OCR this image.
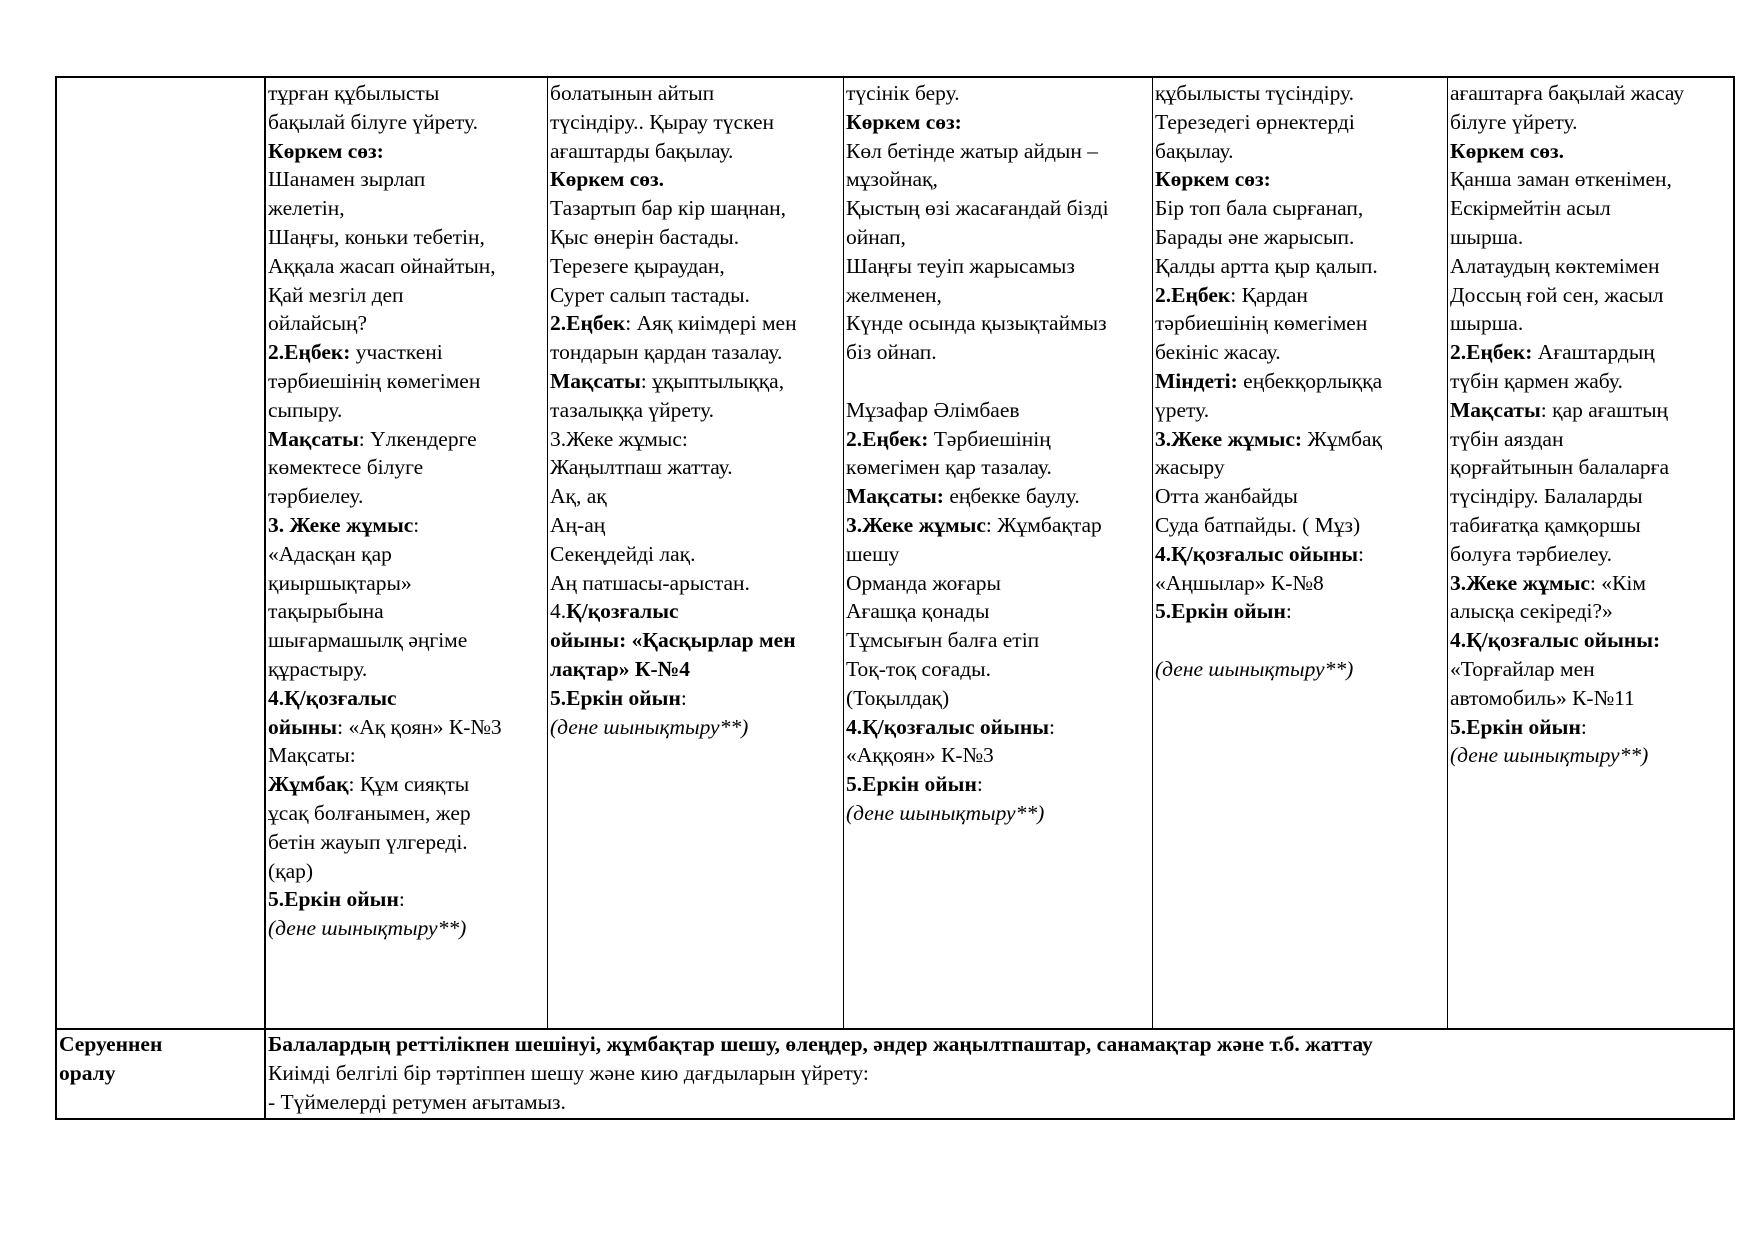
тұрған құбылысты
бақылай білуге үйрету.
Көркем сөз:
Шанамен зырлап
желетін,
Шаңғы, коньки тебетін,
Аққала жасап ойнайтын,
Қай мезгіл деп
ойлайсың?
2.Еңбек: участкені
тәрбиешінің көмегімен
сыпыру.
Мақсаты: Үлкендерге
көмектесе білуге
тәрбиелеу.
3. Жеке жұмыс:
«Адасқан қар
қиыршықтары»
тақырыбына
шығармашылқ әңгіме
құрастыру.
4.Қ/қозғалыс
ойыны: «Ақ қоян» К-№3
Мақсаты:
Жұмбақ: Құм сияқты
ұсақ болғанымен, жер
бетін жауып үлгереді.
(қар)
5.Еркін ойын:
(дене шынықтыру**)
болатынын айтып
түсіндіру.. Қырау түскен
ағаштарды бақылау.
Көркем сөз.
Тазартып бар кір шаңнан,
Қыс өнерін бастады.
Терезеге қыраудан,
Сурет салып тастады.
2.Еңбек: Аяқ киімдері мен
тондарын қардан тазалау.
Мақсаты: ұқыптылыққа,
тазалыққа үйрету.
3.Жеке жұмыс:
Жаңылтпаш жаттау.
Ақ, ақ
Аң-аң
Секеңдейді лақ.
Аң патшасы-арыстан.
4.Қ/қозғалыс
ойыны: «Қасқырлар мен
лақтар» К-№4
5.Еркін ойын:
(дене шынықтыру**)
түсінік беру.
Көркем сөз:
Көл бетінде жатыр айдын –
мұзойнақ,
Қыстың өзі жасағандай бізді
ойнап,
Шаңғы теуіп жарысамыз
желменен,
Күнде осында қызықтаймыз
біз ойнап.

Мұзафар Әлімбаев
2.Еңбек: Тәрбиешінің
көмегімен қар тазалау.
Мақсаты: еңбекке баулу.
3.Жеке жұмыс: Жұмбақтар
шешу
Орманда жоғары
Ағашқа қонады
Тұмсығын балға етіп
Тоқ-тоқ соғады.
(Тоқылдақ)
4.Қ/қозғалыс ойыны:
«Аққоян» К-№3
5.Еркін ойын:
(дене шынықтыру**)
құбылысты түсіндіру.
Терезедегі өрнектерді
бақылау.
Көркем сөз:
Бір топ бала сырғанап,
Барады әне жарысып.
Қалды артта қыр қалып.
2.Еңбек: Қардан
тәрбиешінің көмегімен
бекініс жасау.
Міндеті: еңбекқорлыққа
үрету.
3.Жеке жұмыс: Жұмбақ
жасыру
Отта жанбайды
Суда батпайды. ( Мұз)
4.Қ/қозғалыс ойыны:
«Аңшылар» К-№8
5.Еркін ойын:

(дене шынықтыру**)
ағаштарға бақылай жасау
білуге үйрету.
Көркем сөз.
Қанша заман өткенімен,
Ескірмейтін асыл
шырша.
Алатаудың көктемімен
Доссың ғой сен, жасыл
шырша.
2.Еңбек: Ағаштардың
түбін қармен жабу.
Мақсаты: қар ағаштың
түбін аяздан
қорғайтынын балаларға
түсіндіру. Балаларды
табиғатқа қамқоршы
болуға тәрбиелеу.
3.Жеке жұмыс: «Кім
алысқа секіреді?»
4.Қ/қозғалыс ойыны:
«Торғайлар мен
автомобиль» К-№11
5.Еркін ойын:
(дене шынықтыру**)
Серуеннен
оралу
Балалардың реттілікпен шешінуі, жұмбақтар шешу, өлеңдер, әндер жаңылтпаштар, санамақтар және т.б. жаттау
Киімді белгілі бір тәртіппен шешу және кию дағдыларын үйрету:
- Түймелерді ретумен ағытамыз.
